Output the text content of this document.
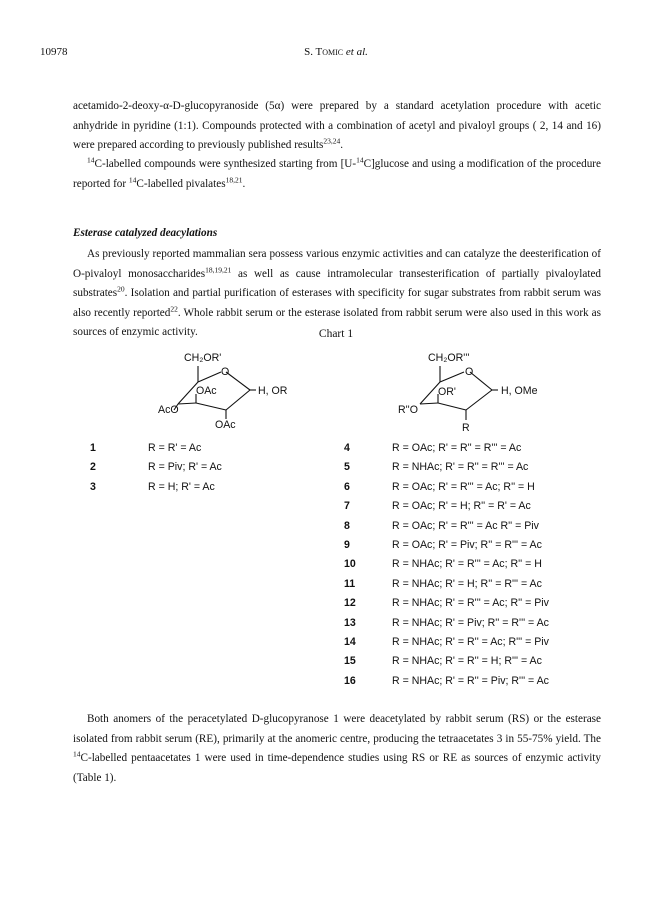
10978	S. Tomic et al.
acetamido-2-deoxy-α-D-glucopyranoside (5α) were prepared by a standard acetylation procedure with acetic anhydride in pyridine (1:1). Compounds protected with a combination of acetyl and pivaloyl groups ( 2, 14 and 16) were prepared according to previously published results$^{23,24}$.
$^{14}$C-labelled compounds were synthesized starting from [U-$^{14}$C]glucose and using a modification of the procedure reported for $^{14}$C-labelled pivalates$^{18,21}$.
Esterase catalyzed deacylations
As previously reported mammalian sera possess various enzymic activities and can catalyze the deesterification of O-pivaloyl monosaccharides$^{18,19,21}$ as well as cause intramolecular transesterification of partially pivaloylated substrates$^{20}$. Isolation and partial purification of esterases with specificity for sugar substrates from rabbit serum was also recently reported$^{22}$. Whole rabbit serum or the esterase isolated from rabbit serum were also used in this work as sources of enzymic activity.	Chart 1
CH₂OR'
O
OAc	H, OR
AcO
OAc
CH₂OR'''
O
OR'	H, OMe
R''O
R
1	R = R' = Ac
2	R = Piv; R' = Ac
3	R = H; R' = Ac
4	R = OAc; R' = R'' = R''' = Ac
5	R = NHAc; R' = R'' = R''' = Ac
6	R = OAc; R' = R''' = Ac; R'' = H
7	R = OAc; R' = H; R'' = R' = Ac
8	R = OAc; R' = R''' = Ac R'' = Piv
9	R = OAc; R' = Piv; R'' = R''' = Ac
10	R = NHAc; R' = R''' = Ac; R'' = H
11	R = NHAc; R' = H; R'' = R''' = Ac
12	R = NHAc; R' = R''' = Ac; R'' = Piv
13	R = NHAc; R' = Piv; R'' = R''' = Ac
14	R = NHAc; R' = R'' = Ac; R''' = Piv
15	R = NHAc; R' = R'' = H; R''' = Ac
16	R = NHAc; R' = R'' = Piv; R''' = Ac
Both anomers of the peracetylated D-glucopyranose 1 were deacetylated by rabbit serum (RS) or the esterase isolated from rabbit serum (RE), primarily at the anomeric centre, producing the tetraacetates 3 in 55-75% yield. The $^{14}$C-labelled pentaacetates 1 were used in time-dependence studies using RS or RE as sources of enzymic activity (Table 1).
